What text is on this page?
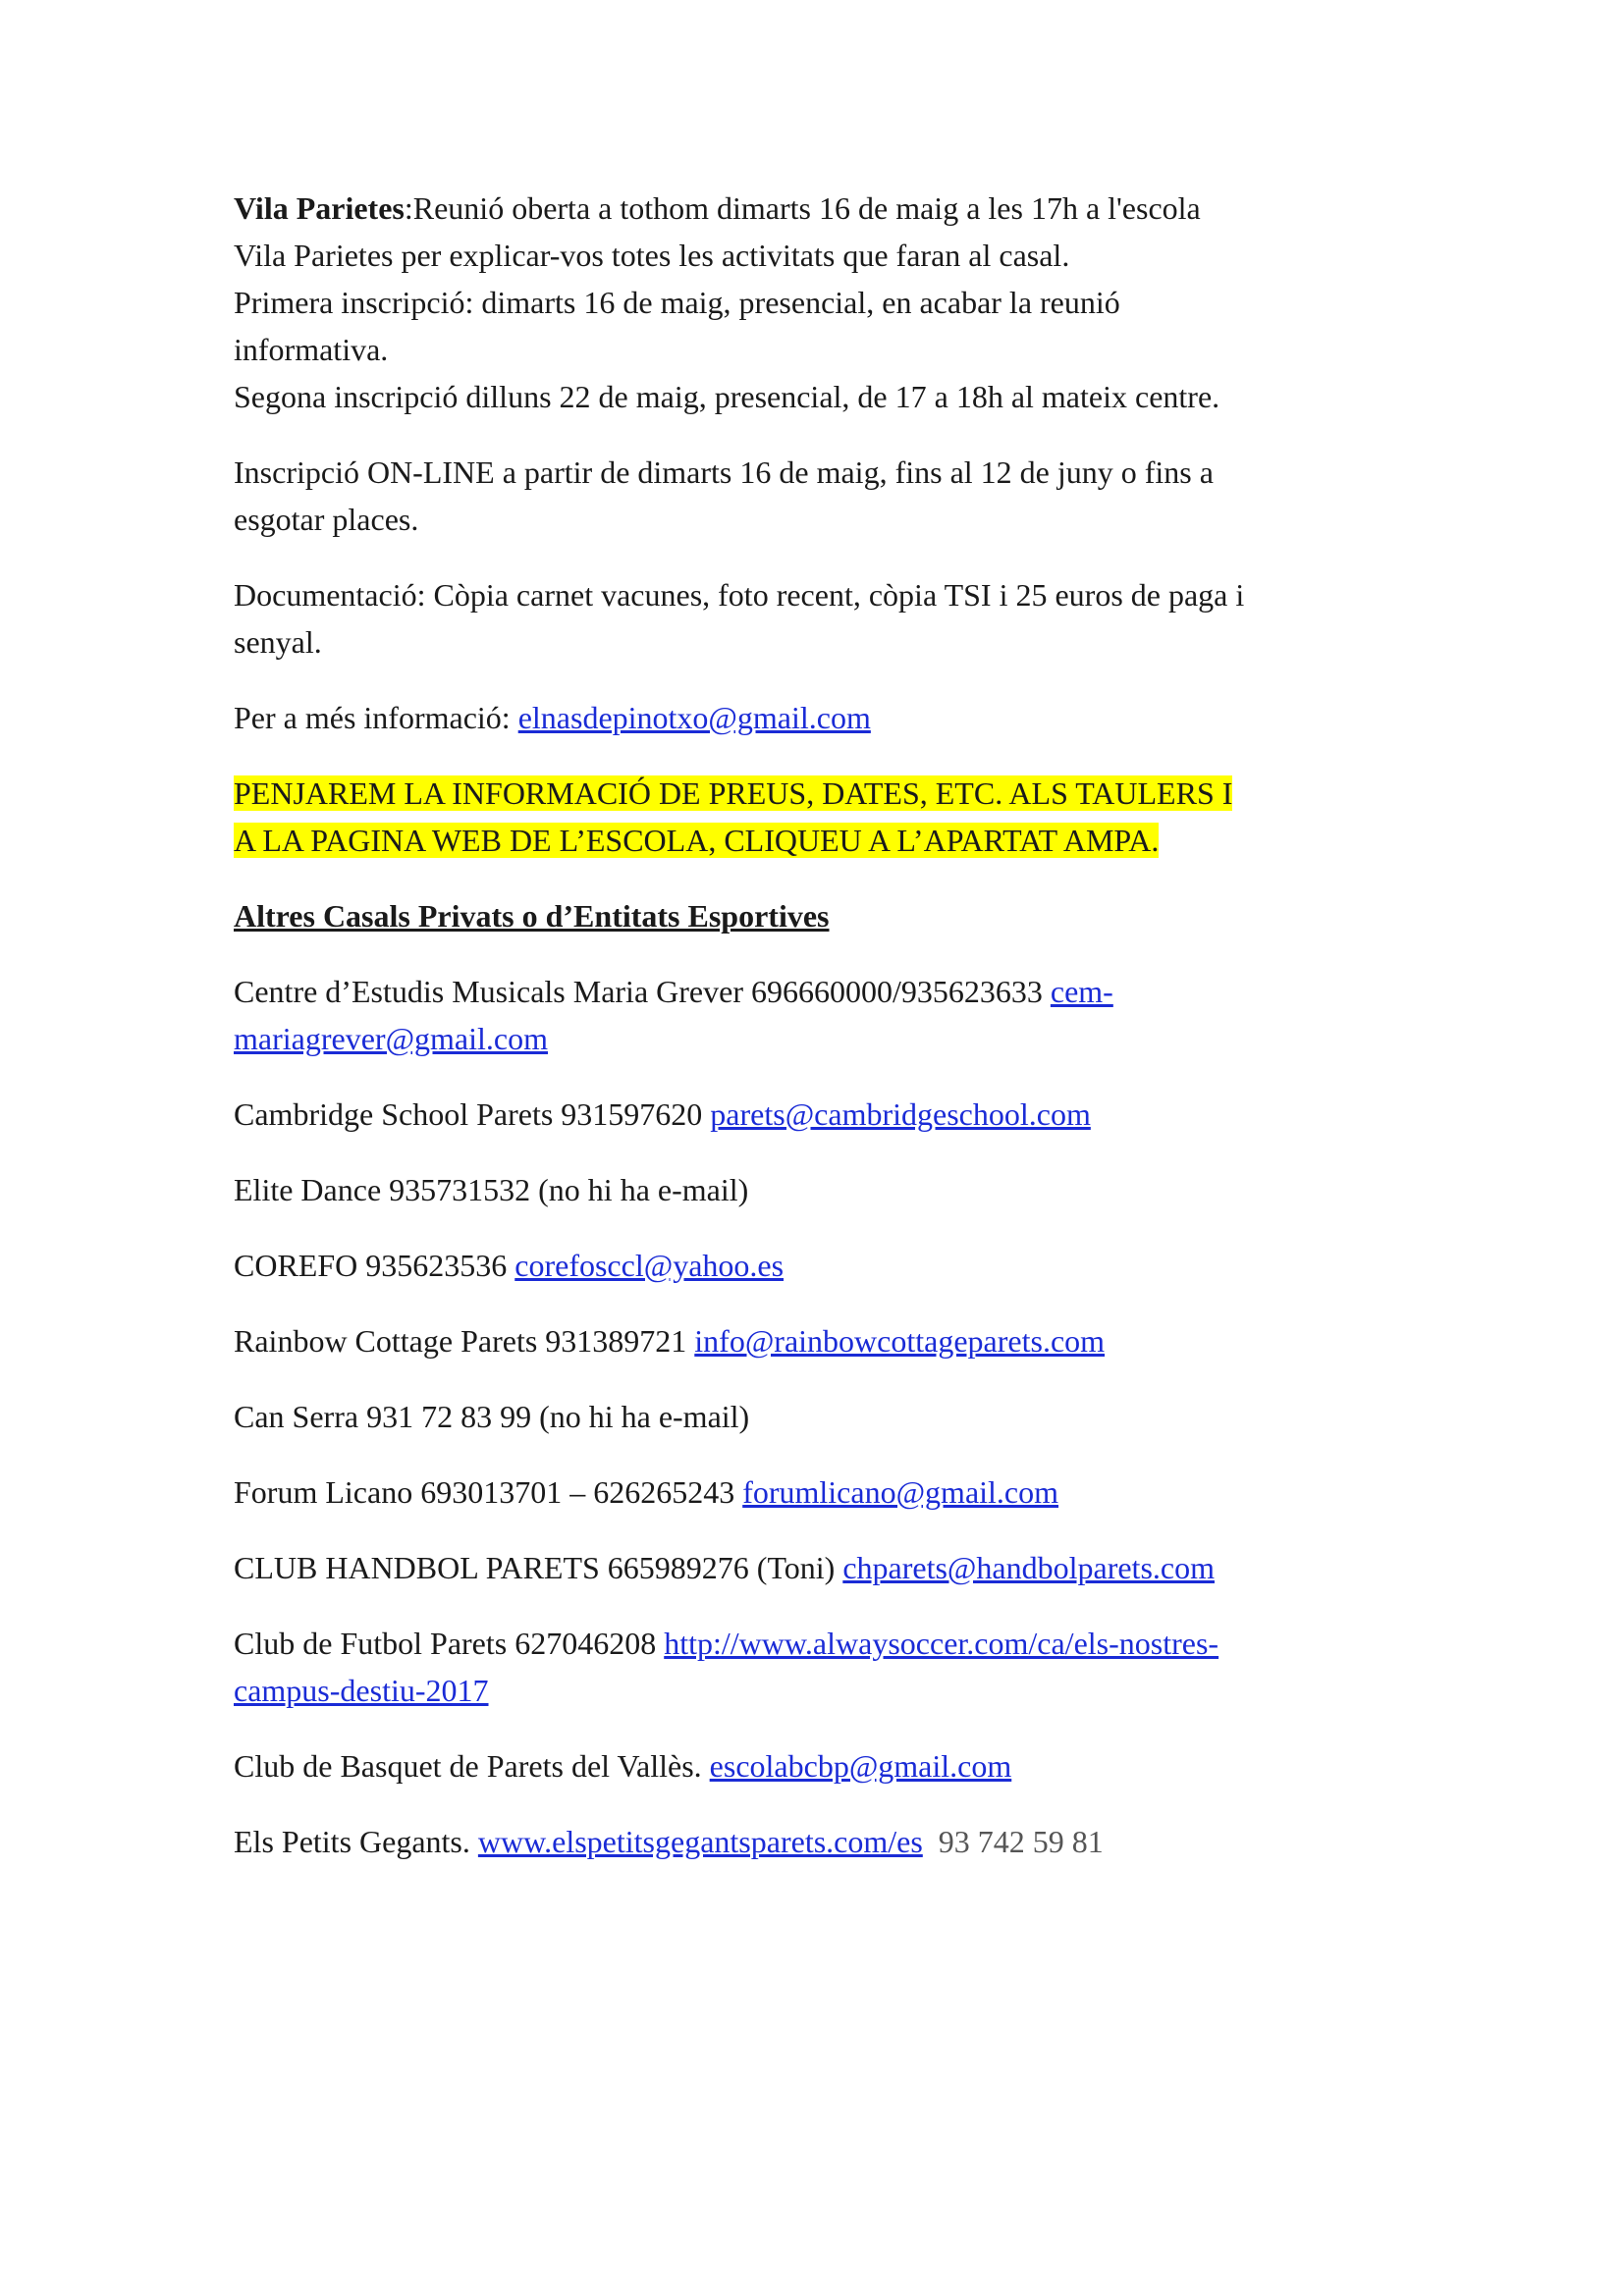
Vila Parietes:Reunió oberta a tothom dimarts 16 de maig a les 17h a l'escola
Vila Parietes per explicar-vos totes les activitats que faran al casal.
Primera inscripció: dimarts 16 de maig, presencial, en acabar la reunió
informativa.
Segona inscripció dilluns 22 de maig, presencial, de 17 a 18h al mateix centre.
Inscripció ON-LINE a partir de dimarts 16 de maig, fins al 12 de juny o fins a
esgotar places.
Documentació: Còpia carnet vacunes, foto recent, còpia TSI i 25 euros de paga i
senyal.
Per a més informació: elnasdepinotxo@gmail.com
PENJAREM LA INFORMACIÓ DE PREUS, DATES, ETC. ALS TAULERS I
A LA PAGINA WEB DE L’ESCOLA, CLIQUEU A L’APARTAT AMPA.
Altres Casals Privats o d’Entitats Esportives
Centre d’Estudis Musicals Maria Grever 696660000/935623633 cem-
mariagrever@gmail.com
Cambridge School Parets 931597620 parets@cambridgeschool.com
Elite Dance 935731532 (no hi ha e-mail)
COREFO 935623536 corefosccl@yahoo.es
Rainbow Cottage Parets 931389721 info@rainbowcottageparets.com
Can Serra 931 72 83 99 (no hi ha e-mail)
Forum Licano 693013701 – 626265243 forumlicano@gmail.com
CLUB HANDBOL PARETS 665989276 (Toni) chparets@handbolparets.com
Club de Futbol Parets 627046208 http://www.alwaysoccer.com/ca/els-nostres-
campus-destiu-2017
Club de Basquet de Parets del Vallès. escolabcbp@gmail.com
Els Petits Gegants. www.elspetitsgegantsparets.com/es  93 742 59 81
